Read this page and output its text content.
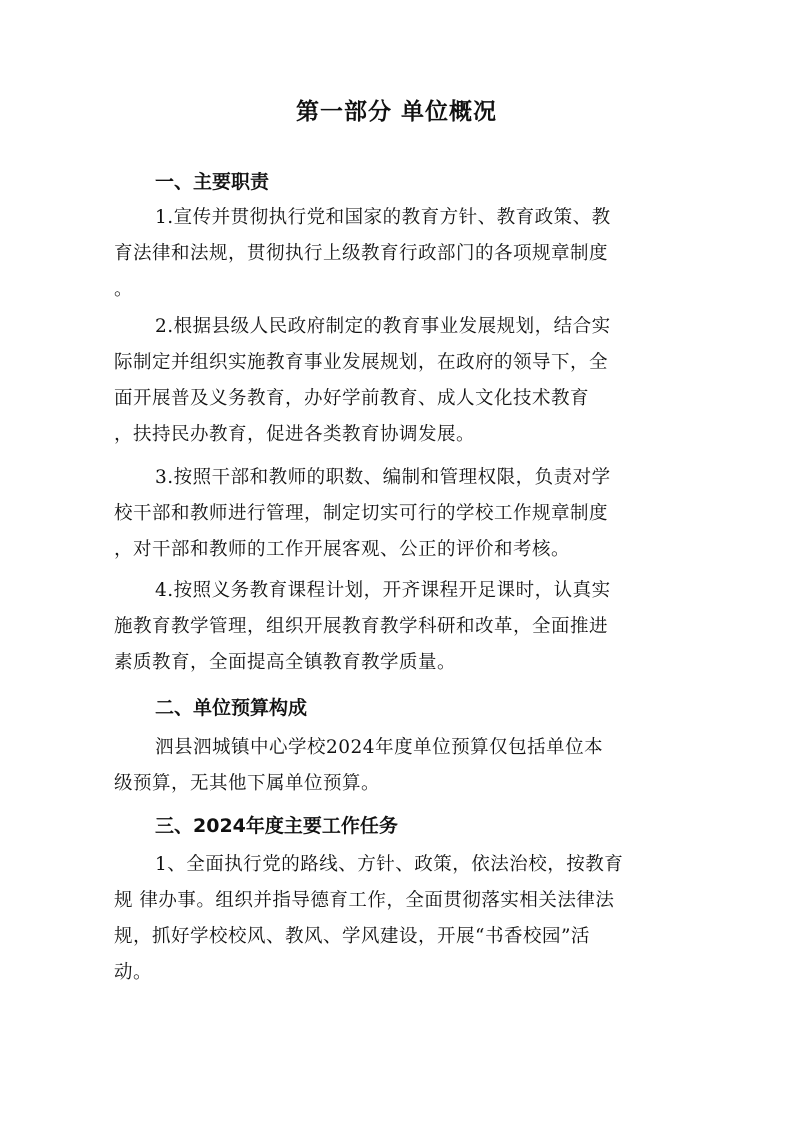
第一部分 单位概况
一、主要职责
1.宣传并贯彻执行党和国家的教育方针、教育政策、教
育法律和法规，贯彻执行上级教育行政部门的各项规章制度
。
2.根据县级人民政府制定的教育事业发展规划，结合实
际制定并组织实施教育事业发展规划，在政府的领导下，全
面开展普及义务教育，办好学前教育、成人文化技术教育
，扶持民办教育，促进各类教育协调发展。
3.按照干部和教师的职数、编制和管理权限，负责对学
校干部和教师进行管理，制定切实可行的学校工作规章制度
，对干部和教师的工作开展客观、公正的评价和考核。
4.按照义务教育课程计划，开齐课程开足课时，认真实
施教育教学管理，组织开展教育教学科研和改革，全面推进
素质教育，全面提高全镇教育教学质量。
二、单位预算构成
泗县泗城镇中心学校2024年度单位预算仅包括单位本
级预算，无其他下属单位预算。
三、2024年度主要工作任务
1、全面执行党的路线、方针、政策，依法治校，按教育
规 律办事。组织并指导德育工作，全面贯彻落实相关法律法
规，抓好学校校风、教风、学风建设，开展“书香校园”活
动。
